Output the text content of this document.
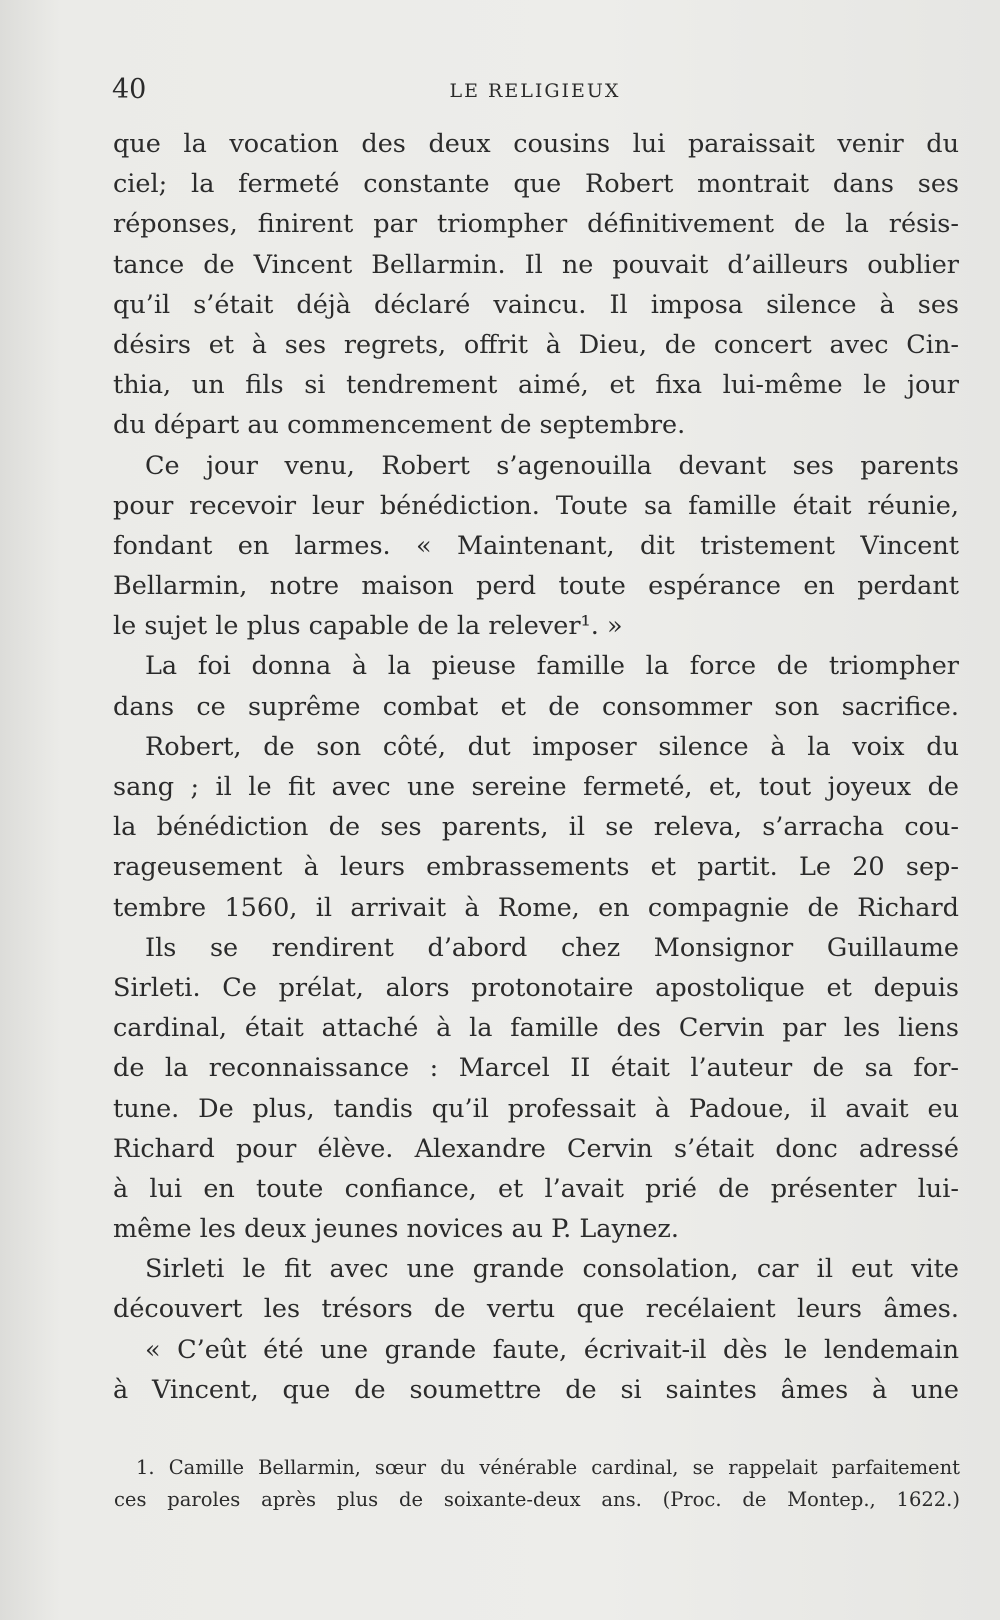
40	LE RELIGIEUX
que la vocation des deux cousins lui paraissait venir du
ciel; la fermeté constante que Robert montrait dans ses
réponses, finirent par triompher définitivement de la résis-
tance de Vincent Bellarmin. Il ne pouvait d’ailleurs oublier
qu’il s’était déjà déclaré vaincu. Il imposa silence à ses
désirs et à ses regrets, offrit à Dieu, de concert avec Cin-
thia, un fils si tendrement aimé, et fixa lui-même le jour
du départ au commencement de septembre.
Ce jour venu, Robert s’agenouilla devant ses parents
pour recevoir leur bénédiction. Toute sa famille était réunie,
fondant en larmes. « Maintenant, dit tristement Vincent
Bellarmin, notre maison perd toute espérance en perdant
le sujet le plus capable de la relever¹. »
La foi donna à la pieuse famille la force de triompher
dans ce suprême combat et de consommer son sacrifice.
Robert, de son côté, dut imposer silence à la voix du
sang ; il le fit avec une sereine fermeté, et, tout joyeux de
la bénédiction de ses parents, il se releva, s’arracha cou-
rageusement à leurs embrassements et partit. Le 20 sep-
tembre 1560, il arrivait à Rome, en compagnie de Richard
Ils se rendirent d’abord chez Monsignor Guillaume
Sirleti. Ce prélat, alors protonotaire apostolique et depuis
cardinal, était attaché à la famille des Cervin par les liens
de la reconnaissance : Marcel II était l’auteur de sa for-
tune. De plus, tandis qu’il professait à Padoue, il avait eu
Richard pour élève. Alexandre Cervin s’était donc adressé
à lui en toute confiance, et l’avait prié de présenter lui-
même les deux jeunes novices au P. Laynez.
Sirleti le fit avec une grande consolation, car il eut vite
découvert les trésors de vertu que recélaient leurs âmes.
« C’eût été une grande faute, écrivait-il dès le lendemain
à Vincent, que de soumettre de si saintes âmes à une
1. Camille Bellarmin, sœur du vénérable cardinal, se rappelait parfaitement
ces paroles après plus de soixante-deux ans. (Proc. de Montep., 1622.)
